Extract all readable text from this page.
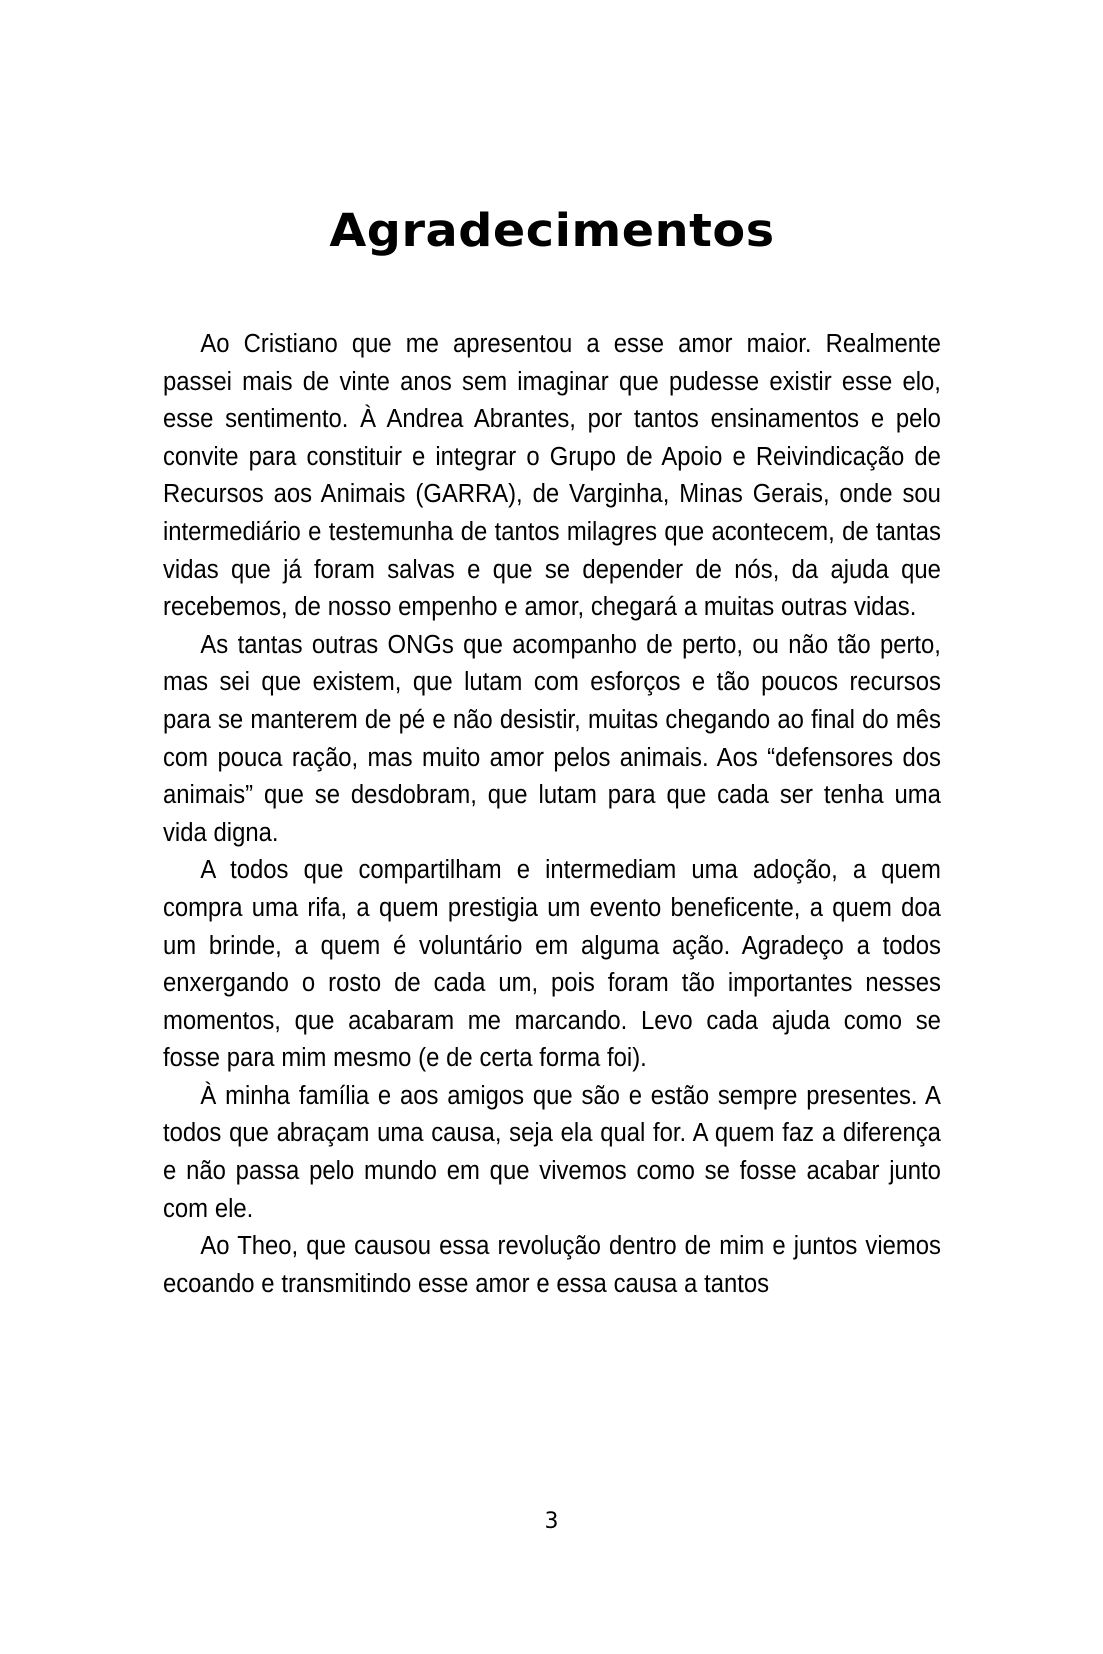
Agradecimentos

Ao Cristiano que me apresentou a esse amor maior. Realmente passei mais de vinte anos sem imaginar que pudesse existir esse elo, esse sentimento. À Andrea Abrantes, por tantos ensinamentos e pelo convite para constituir e integrar o Grupo de Apoio e Reivindicação de Recursos aos Animais (GARRA), de Varginha, Minas Gerais, onde sou intermediário e testemunha de tantos milagres que acontecem, de tantas vidas que já foram salvas e que se depender de nós, da ajuda que recebemos, de nosso empenho e amor, chegará a muitas outras vidas.

As tantas outras ONGs que acompanho de perto, ou não tão perto, mas sei que existem, que lutam com esforços e tão poucos recursos para se manterem de pé e não desistir, muitas chegando ao final do mês com pouca ração, mas muito amor pelos animais. Aos “defensores dos animais” que se desdobram, que lutam para que cada ser tenha uma vida digna.

A todos que compartilham e intermediam uma adoção, a quem compra uma rifa, a quem prestigia um evento beneficente, a quem doa um brinde, a quem é voluntário em alguma ação. Agradeço a todos enxergando o rosto de cada um, pois foram tão importantes nesses momentos, que acabaram me marcando. Levo cada ajuda como se fosse para mim mesmo (e de certa forma foi).

À minha família e aos amigos que são e estão sempre presentes. A todos que abraçam uma causa, seja ela qual for. A quem faz a diferença e não passa pelo mundo em que vivemos como se fosse acabar junto com ele.

Ao Theo, que causou essa revolução dentro de mim e juntos viemos ecoando e transmitindo esse amor e essa causa a tantos

3
